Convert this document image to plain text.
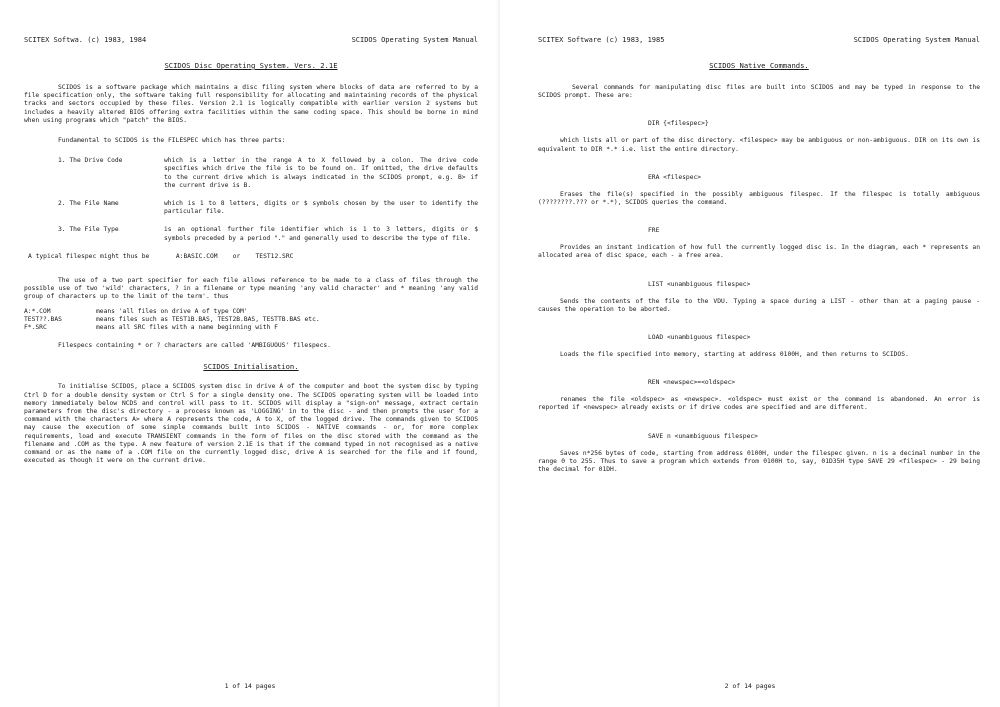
SCITEX Softwa. (c) 1983, 1984	SCIDOS Operating System Manual
SCIDOS Disc Operating System. Vers. 2.1E

SCIDOS is a software package which maintains a disc filing system where blocks of data are referred to by a file specification only, the software taking full responsibility for allocating and maintaining records of the physical tracks and sectors occupied by these files. Version 2.1 is logically compatible with earlier version 2 systems but includes a heavily altered BIOS offering extra facilities within the same coding space. This should be borne in mind when using programs which "patch" the BIOS.

Fundamental to SCIDOS is the FILESPEC which has three parts:

1. The Drive Code	which is a letter in the range A to X followed by a colon. The drive code specifies which drive the file is to be found on. If omitted, the drive defaults to the current drive which is always indicated in the SCIDOS prompt, e.g. B> if the current drive is B.
2. The File Name	which is 1 to 8 letters, digits or $ symbols chosen by the user to identify the particular file.
3. The File Type	is an optional further file identifier which is 1 to 3 letters, digits or $ symbols preceded by a period "." and generally used to describe the type of file.
A typical filespec might thus be	A:BASIC.COM or TEST12.SRC

The use of a two part specifier for each file allows reference to be made to a class of files through the possible use of two 'wild' characters, ? in a filename or type meaning 'any valid character' and * meaning 'any valid group of characters up to the limit of the term'. thus

A:*.COM	means 'all files on drive A of type COM'
TEST??.BAS	means files such as TEST1B.BAS, TEST2B.BAS, TESTTB.BAS etc.
F*.SRC	means all SRC files with a name beginning with F

Filespecs containing * or ? characters are called 'AMBIGUOUS' filespecs.

SCIDOS Initialisation.

To initialise SCIDOS, place a SCIDOS system disc in drive A of the computer and boot the system disc by typing Ctrl D for a double density system or Ctrl S for a single density one. The SCIDOS operating system will be loaded into memory immediately below NCDS and control will pass to it. SCIDOS will display a "sign-on" message, extract certain parameters from the disc's directory - a process known as 'LOGGING' in to the disc - and then prompts the user for a command with the characters A> where A represents the code, A to X, of the logged drive. The commands given to SCIDOS may cause the execution of some simple commands built into SCIDOS - NATIVE commands - or, for more complex requirements, load and execute TRANSIENT commands in the form of files on the disc stored with the command as the filename and .COM as the type. A new feature of version 2.1E is that if the command typed in not recognised as a native command or as the name of a .COM file on the currently logged disc, drive A is searched for the file and if found, executed as though it were on the current drive.

1 of 14 pages
SCITEX Software (c) 1983, 1985	SCIDOS Operating System Manual
SCIDOS Native Commands.

Several commands for manipulating disc files are built into SCIDOS and may be typed in response to the SCIDOS prompt. These are:

DIR {<filespec>}

which lists all or part of the disc directory. <filespec> may be ambiguous or non-ambiguous. DIR on its own is equivalent to DIR *.* i.e. list the entire directory.

ERA <filespec>

Erases the file(s) specified in the possibly ambiguous filespec. If the filespec is totally ambiguous (????????.??? or *.*), SCIDOS queries the command.

FRE

Provides an instant indication of how full the currently logged disc is. In the diagram, each * represents an allocated area of disc space, each - a free area.

LIST <unambiguous filespec>

Sends the contents of the file to the VDU. Typing a space during a LIST - other than at a paging pause - causes the operation to be aborted.

LOAD <unambiguous filespec>

Loads the file specified into memory, starting at address 0100H, and then returns to SCIDOS.

REN <newspec>=<oldspec>

renames the file <oldspec> as <newspec>. <oldspec> must exist or the command is abandoned. An error is reported if <newspec> already exists or if drive codes are specified and are different.

SAVE n <unambiguous filespec>

Saves n*256 bytes of code, starting from address 0100H, under the filespec given. n is a decimal number in the range 0 to 255. Thus to save a program which extends from 0100H to, say, 01D35H type SAVE 29 <filespec> - 29 being the decimal for 01DH.

2 of 14 pages
